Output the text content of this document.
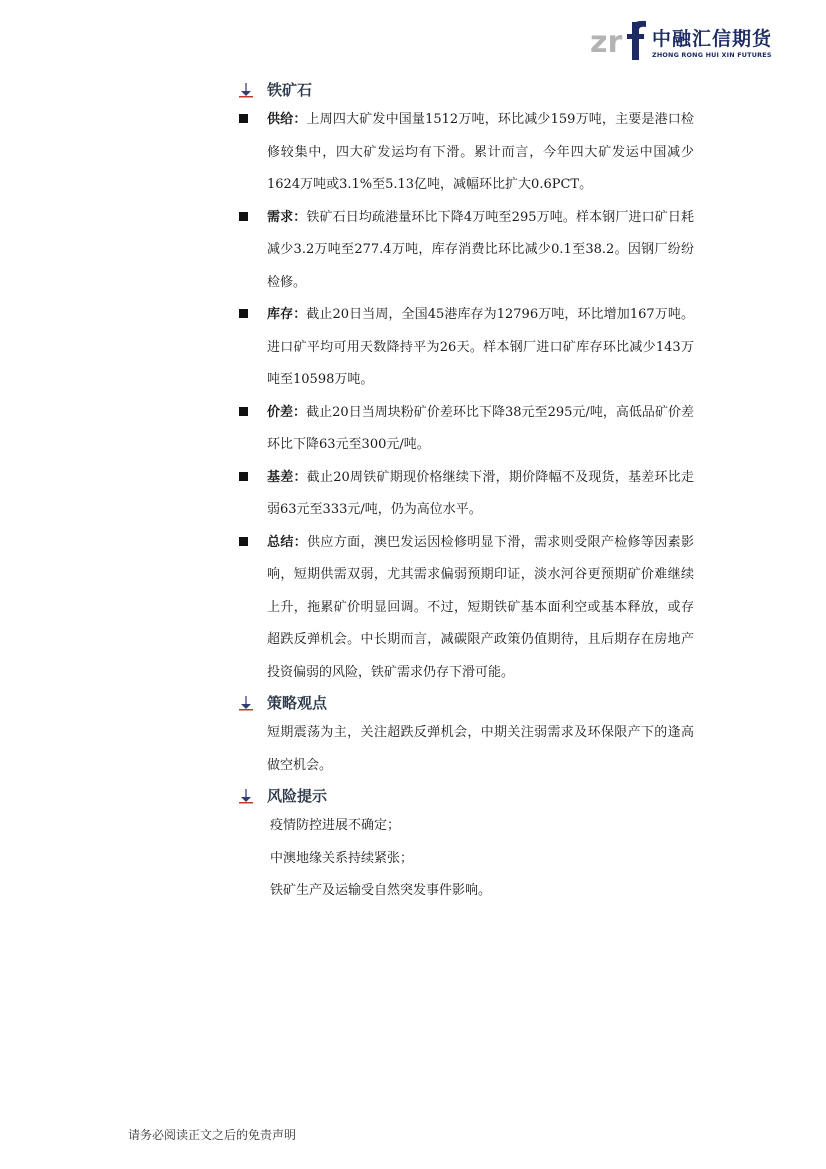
zr 中融汇信期货
ZHONG RONG HUI XIN FUTURES
铁矿石

供给：上周四大矿发中国量1512万吨，环比减少159万吨，主要是港口检修较集中，四大矿发运均有下滑。累计而言，今年四大矿发运中国减少1624万吨或3.1%至5.13亿吨，减幅环比扩大0.6PCT。

需求：铁矿石日均疏港量环比下降4万吨至295万吨。样本钢厂进口矿日耗减少3.2万吨至277.4万吨，库存消费比环比减少0.1至38.2。因钢厂纷纷检修。

库存：截止20日当周，全国45港库存为12796万吨，环比增加167万吨。进口矿平均可用天数降持平为26天。样本钢厂进口矿库存环比减少143万吨至10598万吨。

价差：截止20日当周块粉矿价差环比下降38元至295元/吨，高低品矿价差环比下降63元至300元/吨。

基差：截止20周铁矿期现价格继续下滑，期价降幅不及现货，基差环比走弱63元至333元/吨，仍为高位水平。

总结：供应方面，澳巴发运因检修明显下滑，需求则受限产检修等因素影响，短期供需双弱，尤其需求偏弱预期印证，淡水河谷更预期矿价难继续上升，拖累矿价明显回调。不过，短期铁矿基本面利空或基本释放，或存超跌反弹机会。中长期而言，减碳限产政策仍值期待，且后期存在房地产投资偏弱的风险，铁矿需求仍存下滑可能。

策略观点

短期震荡为主，关注超跌反弹机会，中期关注弱需求及环保限产下的逢高做空机会。

风险提示

疫情防控进展不确定；

中澳地缘关系持续紧张；

铁矿生产及运输受自然突发事件影响。

请务必阅读正文之后的免责声明
